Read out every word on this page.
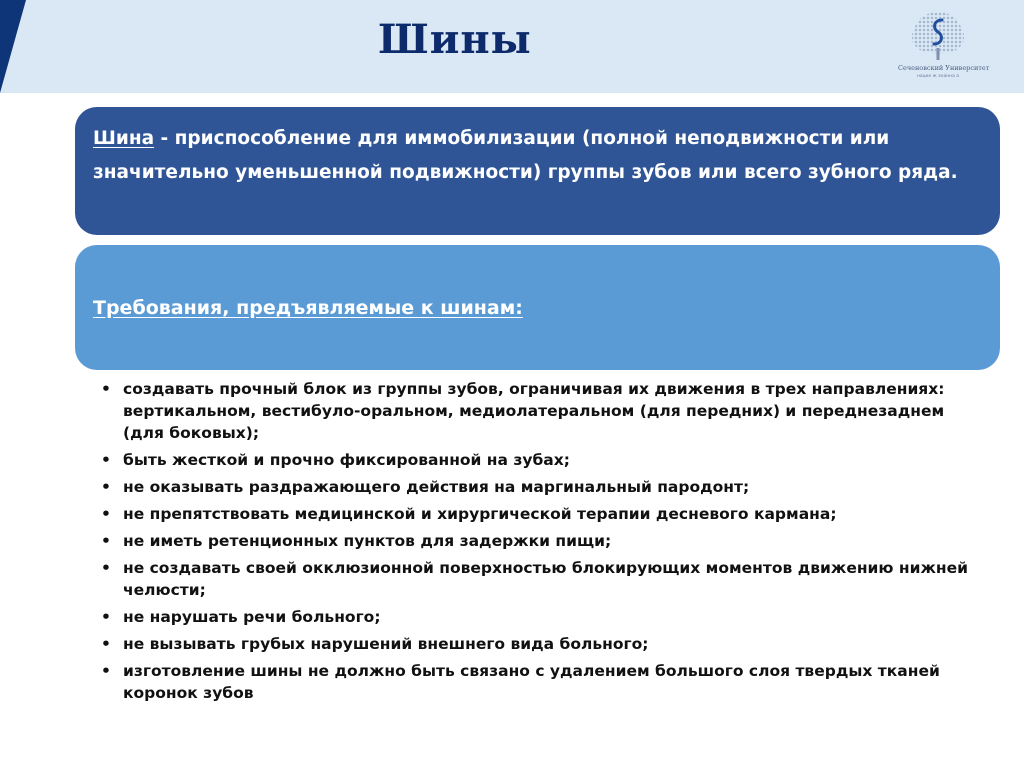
Шины
Сеченовский Университет
нацке ж знанна а
Шина - приспособление для иммобилизации (полной неподвижности или значительно уменьшенной подвижности) группы зубов или всего зубного ряда.
Требования, предъявляемые к шинам:
• создавать прочный блок из группы зубов, ограничивая их движения в трех направлениях: вертикальном, вестибуло-оральном, медиолатеральном (для передних) и переднезаднем (для боковых);
• быть жесткой и прочно фиксированной на зубах;
• не оказывать раздражающего действия на маргинальный пародонт;
• не препятствовать медицинской и хирургической терапии десневого кармана;
• не иметь ретенционных пунктов для задержки пищи;
• не создавать своей окклюзионной поверхностью блокирующих моментов движению нижней челюсти;
• не нарушать речи больного;
• не вызывать грубых нарушений внешнего вида больного;
• изготовление шины не должно быть связано с удалением большого слоя твердых тканей коронок зубов
